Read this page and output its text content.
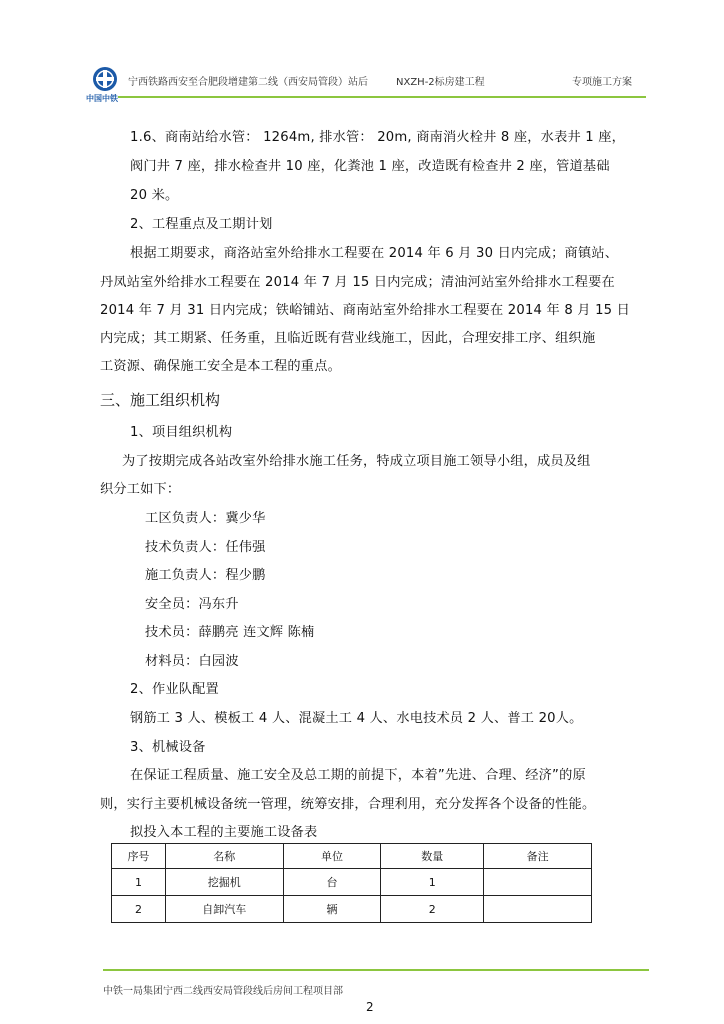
中国中铁
宁西铁路西安至合肥段增建第二线（西安局管段）站后	NXZH-2标房建工程	专项施工方案
1.6、商南站给水管： 1264m, 排水管： 20m, 商南消火栓井 8 座，水表井 1 座，
阀门井 7 座，排水检查井 10 座，化粪池 1 座，改造既有检查井 2 座，管道基础
20 米。
2、工程重点及工期计划
根据工期要求，商洛站室外给排水工程要在 2014 年 6 月 30 日内完成；商镇站、
丹凤站室外给排水工程要在 2014 年 7 月 15 日内完成；清油河站室外给排水工程要在
2014 年 7 月 31 日内完成；铁峪铺站、商南站室外给排水工程要在 2014 年 8 月 15 日
内完成；其工期紧、任务重，且临近既有营业线施工，因此，合理安排工序、组织施
工资源、确保施工安全是本工程的重点。
三、施工组织机构
1、项目组织机构
为了按期完成各站改室外给排水施工任务，特成立项目施工领导小组，成员及组
织分工如下：
工区负责人：冀少华
技术负责人：任伟强
施工负责人：程少鹏
安全员：冯东升
技术员：薛鹏亮 连文辉 陈楠
材料员：白园波
2、作业队配置
钢筋工 3 人、模板工 4 人、混凝土工 4 人、水电技术员 2 人、普工 20人。
3、机械设备
在保证工程质量、施工安全及总工期的前提下，本着”先进、合理、经济”的原
则，实行主要机械设备统一管理，统筹安排，合理利用，充分发挥各个设备的性能。
拟投入本工程的主要施工设备表
序号	名称	单位	数量	备注
1	挖掘机	台	1	
2	自卸汽车	辆	2	
中铁一局集团宁西二线西安局管段线后房间工程项目部
2
